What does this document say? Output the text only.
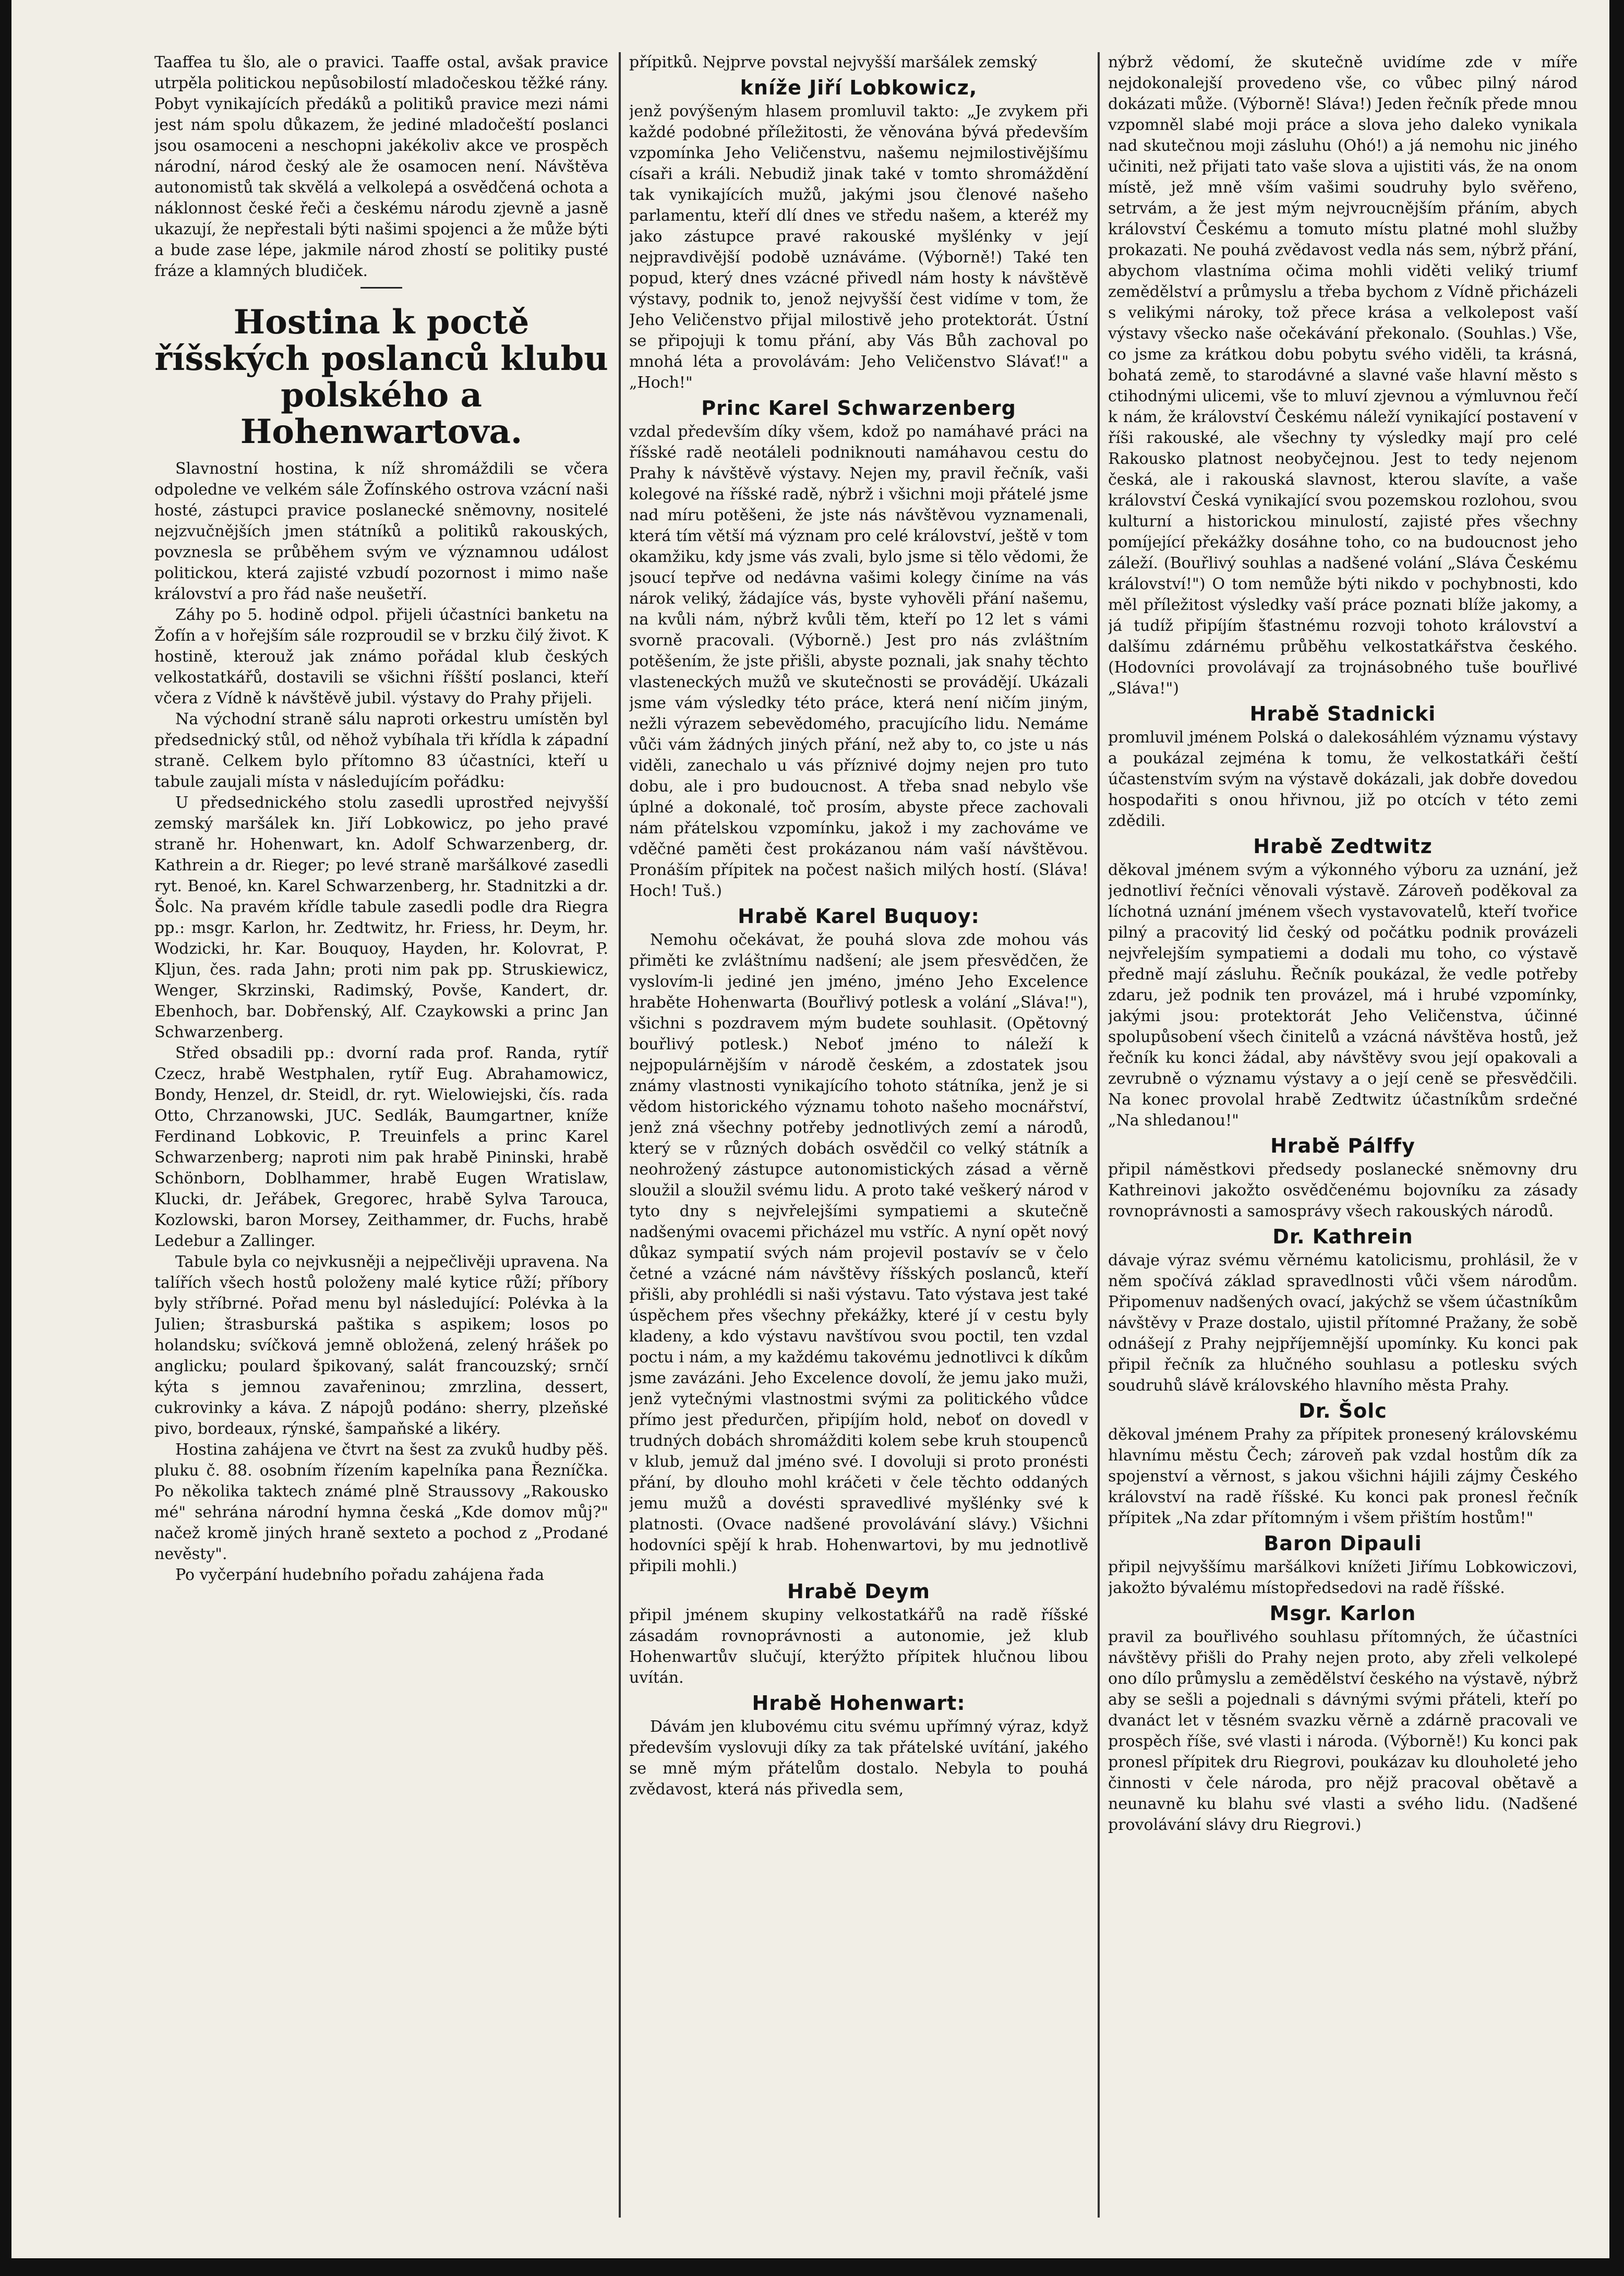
Taaffea tu šlo, ale o pravici. Taaffe ostal, avšak pravice utrpěla politickou nepůsobilostí mladočeskou těžké rány. Pobyt vynikajících předáků a politiků pravice mezi námi jest nám spolu důkazem, že jediné mladočeští poslanci jsou osamoceni a neschopni jakékoliv akce ve prospěch národní, národ český ale že osamocen není. Návštěva autonomistů tak skvělá a velkolepá a osvědčená ochota a náklonnost české řeči a českému národu zjevně a jasně ukazují, že nepřestali býti našimi spojenci a že může býti a bude zase lépe, jakmile národ zhostí se politiky pusté fráze a klamných bludiček.

Hostina k poctě říšských poslanců klubu polského a Hohenwartova.

Slavnostní hostina, k níž shromáždili se včera odpoledne ve velkém sále Žofínského ostrova vzácní naši hosté, zástupci pravice poslanecké sněmovny, nositelé nejzvučnějších jmen státníků a politiků rakouských, povznesla se průběhem svým ve významnou událost politickou, která zajisté vzbudí pozornost i mimo naše království a pro řád naše neušetří.

Záhy po 5. hodině odpol. přijeli účastníci banketu na Žofín a v hořejším sále rozproudil se v brzku čilý život. K hostině, kterouž jak známo pořádal klub českých velkostatkářů, dostavili se všichni říšští poslanci, kteří včera z Vídně k návštěvě jubil. výstavy do Prahy přijeli.

Na východní straně sálu naproti orkestru umístěn byl předsednický stůl, od něhož vybíhala tři křídla k západní straně. Celkem bylo přítomno 83 účastníci, kteří u tabule zaujali místa v následujícím pořádku:

U předsednického stolu zasedli uprostřed nejvyšší zemský maršálek kn. Jiří Lobkowicz, po jeho pravé straně hr. Hohenwart, kn. Adolf Schwarzenberg, dr. Kathrein a dr. Rieger; po levé straně maršálkové zasedli ryt. Benoé, kn. Karel Schwarzenberg, hr. Stadnitzki a dr. Šolc. Na pravém křídle tabule zasedli podle dra Riegra pp.: msgr. Karlon, hr. Zedtwitz, hr. Friess, hr. Deym, hr. Wodzicki, hr. Kar. Bouquoy, Hayden, hr. Kolovrat, P. Kljun, čes. rada Jahn; proti nim pak pp. Struskiewicz, Wenger, Skrzinski, Radimský, Povše, Kandert, dr. Ebenhoch, bar. Dobřenský, Alf. Czaykowski a princ Jan Schwarzenberg.

Střed obsadili pp.: dvorní rada prof. Randa, rytíř Czecz, hrabě Westphalen, rytíř Eug. Abrahamowicz, Bondy, Henzel, dr. Steidl, dr. ryt. Wielowiejski, čís. rada Otto, Chrzanowski, JUC. Sedlák, Baumgartner, kníže Ferdinand Lobkovic, P. Treuinfels a princ Karel Schwarzenberg; naproti nim pak hrabě Pininski, hrabě Schönborn, Doblhammer, hrabě Eugen Wratislaw, Klucki, dr. Jeřábek, Gregorec, hrabě Sylva Tarouca, Kozlowski, baron Morsey, Zeithammer, dr. Fuchs, hrabě Ledebur a Zallinger.

Tabule byla co nejvkusněji a nejpečlivěji upravena. Na talířích všech hostů položeny malé kytice růží; příbory byly stříbrné. Pořad menu byl následující: Polévka à la Julien; štrasburská paštika s aspikem; losos po holandsku; svíčková jemně obložená, zelený hrášek po anglicku; poulard špikovaný, salát francouzský; srnčí kýta s jemnou zavařeninou; zmrzlina, dessert, cukrovinky a káva. Z nápojů podáno: sherry, plzeňské pivo, bordeaux, rýnské, šampaňské a likéry.

Hostina zahájena ve čtvrt na šest za zvuků hudby pěš. pluku č. 88. osobním řízením kapelníka pana Řezníčka. Po několika taktech známé plně Straussovy „Rakousko mé" sehrána národní hymna česká „Kde domov můj?" načež kromě jiných hraně sexteto a pochod z „Prodané nevěsty".

Po vyčerpání hudebního pořadu zahájena řada

přípitků. Nejprve povstal nejvyšší maršálek zemský

kníže Jiří Lobkowicz,

jenž povýšeným hlasem promluvil takto: „Je zvykem při každé podobné příležitosti, že věnována bývá především vzpomínka Jeho Veličenstvu, našemu nejmilostivějšímu císaři a králi. Nebudiž jinak také v tomto shromáždění tak vynikajících mužů, jakými jsou členové našeho parlamentu, kteří dlí dnes ve středu našem, a kteréž my jako zástupce pravé rakouské myšlénky v její nejpravdivější podobě uznáváme. (Výborně!) Také ten popud, který dnes vzácné přivedl nám hosty k návštěvě výstavy, podnik to, jenož nejvyšší čest vidíme v tom, že Jeho Veličenstvo přijal milostivě jeho protektorát. Ústní se připojuji k tomu přání, aby Vás Bůh zachoval po mnohá léta a provolávám: Jeho Veličenstvo Slávať!" a „Hoch!"

Princ Karel Schwarzenberg

vzdal především díky všem, kdož po namáhavé práci na říšské radě neotáleli podniknouti namáhavou cestu do Prahy k návštěvě výstavy. Nejen my, pravil řečník, vaši kolegové na říšské radě, nýbrž i všichni moji přátelé jsme nad míru potěšeni, že jste nás návštěvou vyznamenali, která tím větší má význam pro celé království, ještě v tom okamžiku, kdy jsme vás zvali, bylo jsme si tělo vědomi, že jsoucí tepřve od nedávna vašimi kolegy činíme na vás nárok veliký, žádajíce vás, byste vyhověli přání našemu, na kvůli nám, nýbrž kvůli těm, kteří po 12 let s vámi svorně pracovali. (Výborně.) Jest pro nás zvláštním potěšením, že jste přišli, abyste poznali, jak snahy těchto vlasteneckých mužů ve skutečnosti se provádějí. Ukázali jsme vám výsledky této práce, která není ničím jiným, nežli výrazem sebevědomého, pracujícího lidu. Nemáme vůči vám žádných jiných přání, než aby to, co jste u nás viděli, zanechalo u vás příznivé dojmy nejen pro tuto dobu, ale i pro budoucnost. A třeba snad nebylo vše úplné a dokonalé, toč prosím, abyste přece zachovali nám přátelskou vzpomínku, jakož i my zachováme ve vděčné paměti čest prokázanou nám vaší návštěvou. Pronáším přípitek na počest našich milých hostí. (Sláva! Hoch! Tuš.)

Hrabě Karel Buquoy:

Nemohu očekávat, že pouhá slova zde mohou vás přiměti ke zvláštnímu nadšení; ale jsem přesvědčen, že vyslovím-li jediné jen jméno, jméno Jeho Excelence hraběte Hohenwarta (Bouřlivý potlesk a volání „Sláva!"), všichni s pozdravem mým budete souhlasit. (Opětovný bouřlivý potlesk.) Neboť jméno to náleží k nejpopulárnějším v národě českém, a zdostatek jsou známy vlastnosti vynikajícího tohoto státníka, jenž je si vědom historického významu tohoto našeho mocnářství, jenž zná všechny potřeby jednotlivých zemí a národů, který se v různých dobách osvědčil co velký státník a neohrožený zástupce autonomistických zásad a věrně sloužil a sloužil svému lidu. A proto také veškerý národ v tyto dny s nejvřelejšími sympatiemi a skutečně nadšenými ovacemi přicházel mu vstříc. A nyní opět nový důkaz sympatií svých nám projevil postavív se v čelo četné a vzácné nám návštěvy říšských poslanců, kteří přišli, aby prohlédli si naši výstavu. Tato výstava jest také úspěchem přes všechny překážky, které jí v cestu byly kladeny, a kdo výstavu navštívou svou poctil, ten vzdal poctu i nám, a my každému takovému jednotlivci k díkům jsme zavázáni. Jeho Excelence dovolí, že jemu jako muži, jenž vytečnými vlastnostmi svými za politického vůdce přímo jest předurčen, připíjím hold, neboť on dovedl v trudných dobách shromážditi kolem sebe kruh stoupenců v klub, jemuž dal jméno své. I dovoluji si proto pronésti přání, by dlouho mohl kráčeti v čele těchto oddaných jemu mužů a dovésti spravedlivé myšlénky své k platnosti. (Ovace nadšené provolávání slávy.) Všichni hodovníci spějí k hrab. Hohenwartovi, by mu jednotlivě připili mohli.)

Hrabě Deym

připil jménem skupiny velkostatkářů na radě říšské zásadám rovnoprávnosti a autonomie, jež klub Hohenwartův slučují, kterýžto přípitek hlučnou libou uvítán.

Hrabě Hohenwart:

Dávám jen klubovému citu svému upřímný výraz, když především vyslovuji díky za tak přátelské uvítání, jakého se mně mým přátelům dostalo. Nebyla to pouhá zvědavost, která nás přivedla sem,

nýbrž vědomí, že skutečně uvidíme zde v míře nejdokonalejší provedeno vše, co vůbec pilný národ dokázati může. (Výborně! Sláva!) Jeden řečník přede mnou vzpomněl slabé moji práce a slova jeho daleko vynikala nad skutečnou moji zásluhu (Ohó!) a já nemohu nic jiného učiniti, než přijati tato vaše slova a ujistiti vás, že na onom místě, jež mně vším vašimi soudruhy bylo svěřeno, setrvám, a že jest mým nejvroucnějším přáním, abych království Českému a tomuto místu platné mohl služby prokazati. Ne pouhá zvědavost vedla nás sem, nýbrž přání, abychom vlastníma očima mohli viděti veliký triumf zemědělství a průmyslu a třeba bychom z Vídně přicházeli s velikými nároky, tož přece krása a velkolepost vaší výstavy všecko naše očekávání překonalo. (Souhlas.) Vše, co jsme za krátkou dobu pobytu svého viděli, ta krásná, bohatá země, to starodávné a slavné vaše hlavní město s ctihodnými ulicemi, vše to mluví zjevnou a výmluvnou řečí k nám, že království Českému náleží vynikající postavení v říši rakouské, ale všechny ty výsledky mají pro celé Rakousko platnost neobyčejnou. Jest to tedy nejenom česká, ale i rakouská slavnost, kterou slavíte, a vaše království Česká vynikající svou pozemskou rozlohou, svou kulturní a historickou minulostí, zajisté přes všechny pomíjející překážky dosáhne toho, co na budoucnost jeho záleží. (Bouřlivý souhlas a nadšené volání „Sláva Českému království!") O tom nemůže býti nikdo v pochybnosti, kdo měl příležitost výsledky vaší práce poznati blíže jakomy, a já tudíž připíjím šťastnému rozvoji tohoto království a dalšímu zdárnému průběhu velkostatkářstva českého. (Hodovníci provolávají za trojnásobného tuše bouřlivé „Sláva!")

Hrabě Stadnicki

promluvil jménem Polská o dalekosáhlém významu výstavy a poukázal zejména k tomu, že velkostatkáři čeští účastenstvím svým na výstavě dokázali, jak dobře dovedou hospodařiti s onou hřivnou, již po otcích v této zemi zdědili.

Hrabě Zedtwitz

děkoval jménem svým a výkonného výboru za uznání, jež jednotliví řečníci věnovali výstavě. Zároveň poděkoval za líchotná uznání jménem všech vystavovatelů, kteří tvořice pilný a pracovitý lid český od počátku podnik provázeli nejvřelejším sympatiemi a dodali mu toho, co výstavě předně mají zásluhu. Řečník poukázal, že vedle potřeby zdaru, jež podnik ten provázel, má i hrubé vzpomínky, jakými jsou: protektorát Jeho Veličenstva, účinné spolupůsobení všech činitelů a vzácná návštěva hostů, jež řečník ku konci žádal, aby návštěvy svou její opakovali a zevrubně o významu výstavy a o její ceně se přesvědčili. Na konec provolal hrabě Zedtwitz účastníkům srdečné „Na shledanou!"

Hrabě Pálffy

připil náměstkovi předsedy poslanecké sněmovny dru Kathreinovi jakožto osvědčenému bojovníku za zásady rovnoprávnosti a samosprávy všech rakouských národů.

Dr. Kathrein

dávaje výraz svému věrnému katolicismu, prohlásil, že v něm spočívá základ spravedlnosti vůči všem národům. Připomenuv nadšených ovací, jakýchž se všem účastníkům návštěvy v Praze dostalo, ujistil přítomné Pražany, že sobě odnášejí z Prahy nejpříjemnější upomínky. Ku konci pak připil řečník za hlučného souhlasu a potlesku svých soudruhů slávě královského hlavního města Prahy.

Dr. Šolc

děkoval jménem Prahy za přípitek pronesený královskému hlavnímu městu Čech; zároveň pak vzdal hostům dík za spojenství a věrnost, s jakou všichni hájili zájmy Českého království na radě říšské. Ku konci pak pronesl řečník přípitek „Na zdar přítomným i všem přištím hostům!"

Baron Dipauli

připil nejvyššímu maršálkovi knížeti Jiřímu Lobkowiczovi, jakožto bývalému místopředsedovi na radě říšské.

Msgr. Karlon

pravil za bouřlivého souhlasu přítomných, že účastníci návštěvy přišli do Prahy nejen proto, aby zřeli velkolepé ono dílo průmyslu a zemědělství českého na výstavě, nýbrž aby se sešli a pojednali s dávnými svými přáteli, kteří po dvanáct let v těsném svazku věrně a zdárně pracovali ve prospěch říše, své vlasti i národa. (Výborně!) Ku konci pak pronesl přípitek dru Riegrovi, poukázav ku dlouholeté jeho činnosti v čele národa, pro nějž pracoval obětavě a neunavně ku blahu své vlasti a svého lidu. (Nadšené provolávání slávy dru Riegrovi.)
